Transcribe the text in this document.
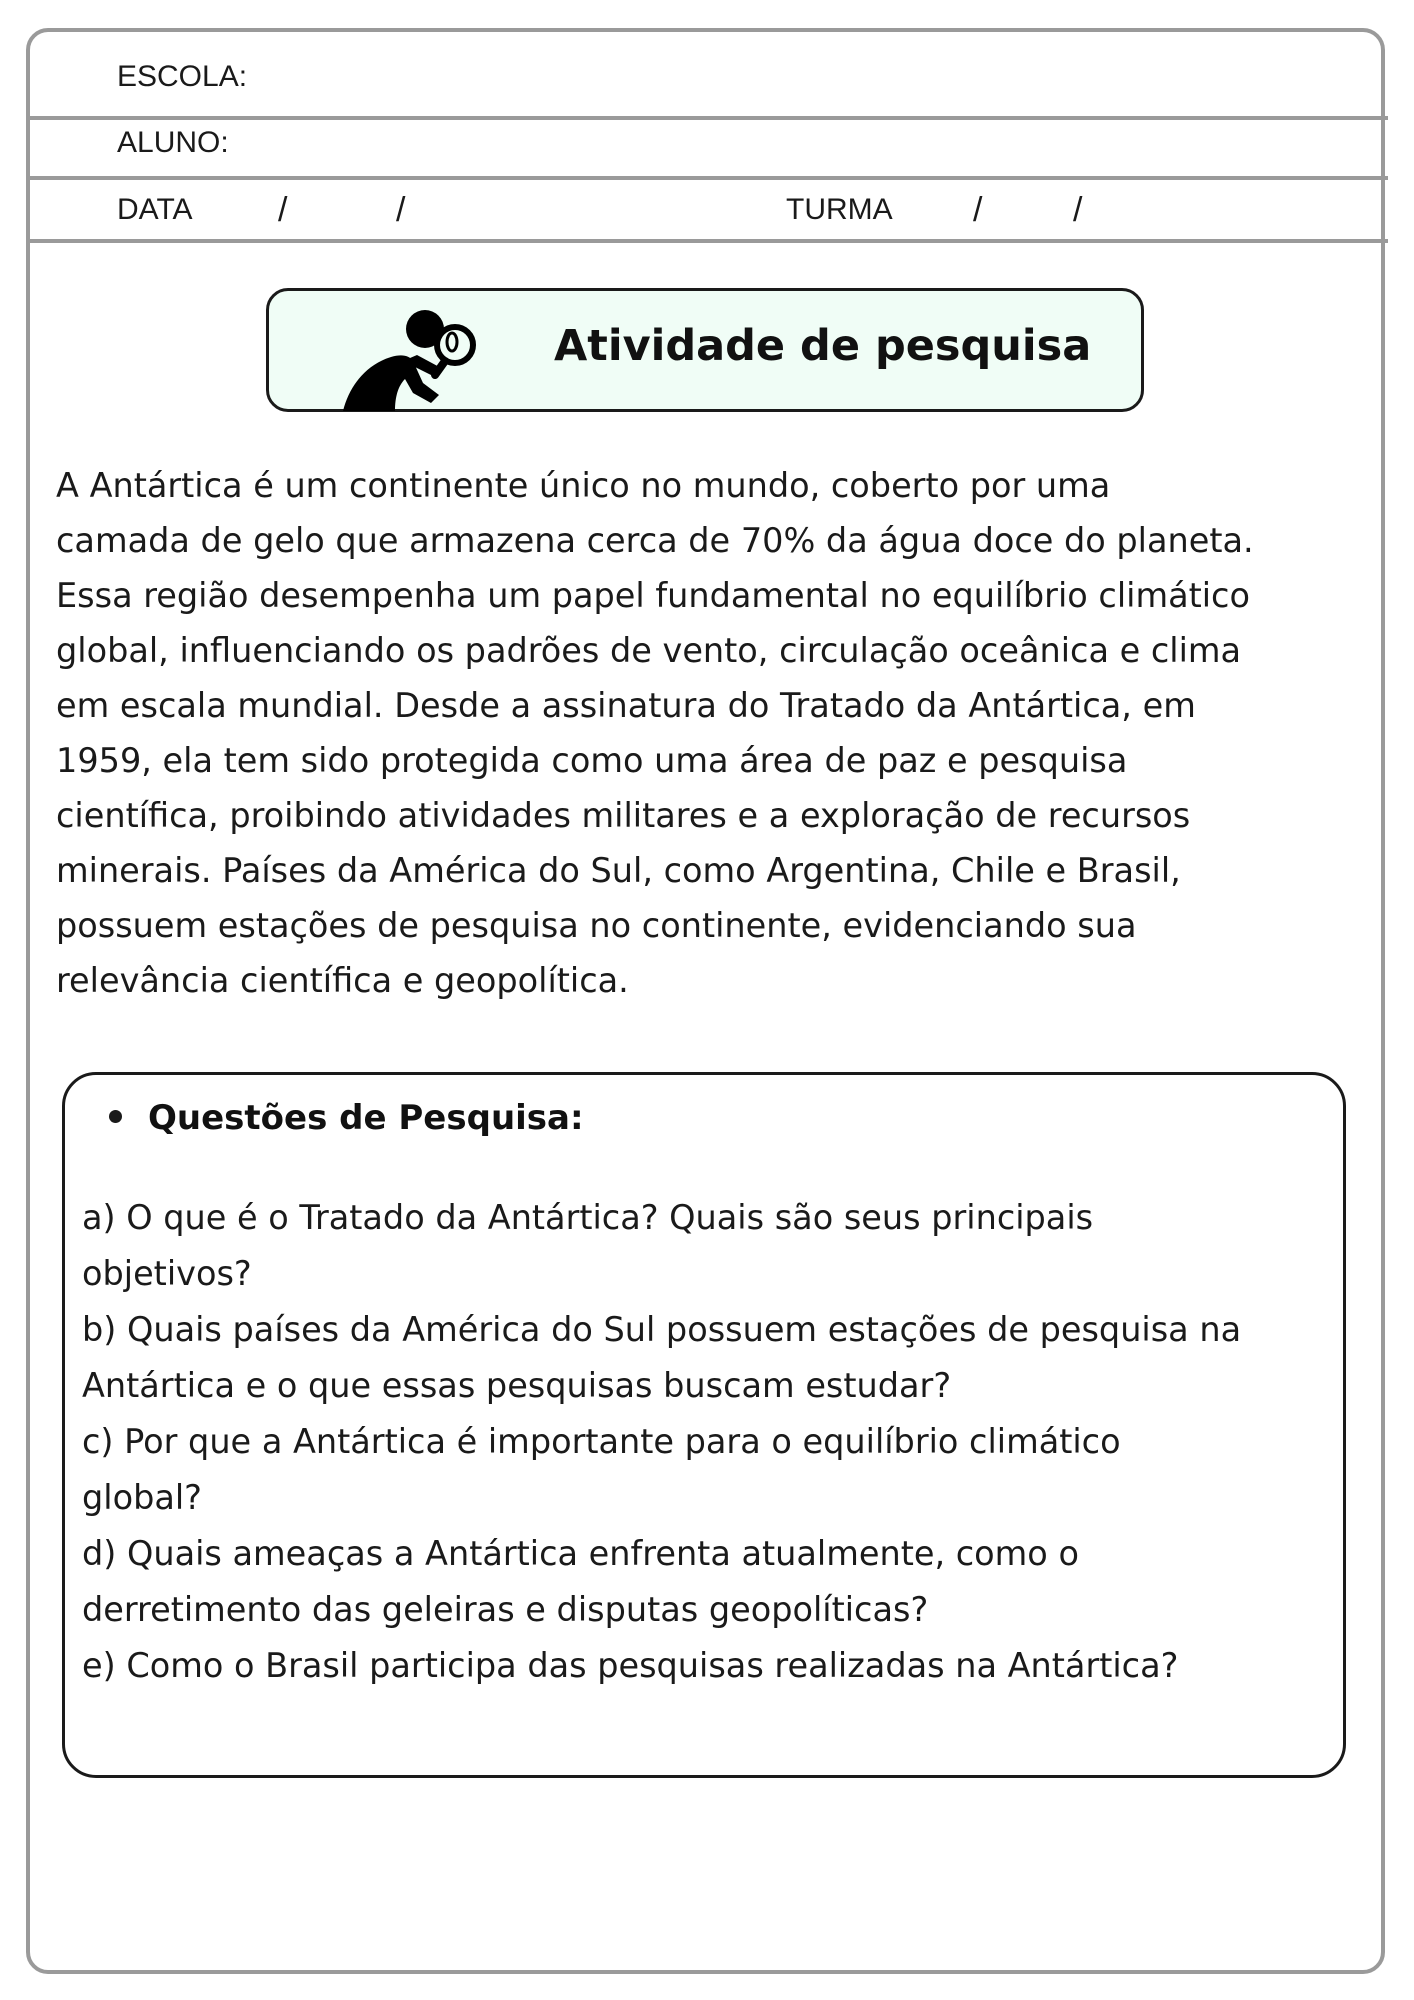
ESCOLA:
ALUNO:
DATA	/	/	TURMA /	/
Atividade de pesquisa

A Antártica é um continente único no mundo, coberto por uma
camada de gelo que armazena cerca de 70% da água doce do planeta.
Essa região desempenha um papel fundamental no equilíbrio climático
global, influenciando os padrões de vento, circulação oceânica e clima
em escala mundial. Desde a assinatura do Tratado da Antártica, em
1959, ela tem sido protegida como uma área de paz e pesquisa
científica, proibindo atividades militares e a exploração de recursos
minerais. Países da América do Sul, como Argentina, Chile e Brasil,
possuem estações de pesquisa no continente, evidenciando sua
relevância científica e geopolítica.

Questões de Pesquisa:
a) O que é o Tratado da Antártica? Quais são seus principais
objetivos?
b) Quais países da América do Sul possuem estações de pesquisa na
Antártica e o que essas pesquisas buscam estudar?
c) Por que a Antártica é importante para o equilíbrio climático
global?
d) Quais ameaças a Antártica enfrenta atualmente, como o
derretimento das geleiras e disputas geopolíticas?
e) Como o Brasil participa das pesquisas realizadas na Antártica?
